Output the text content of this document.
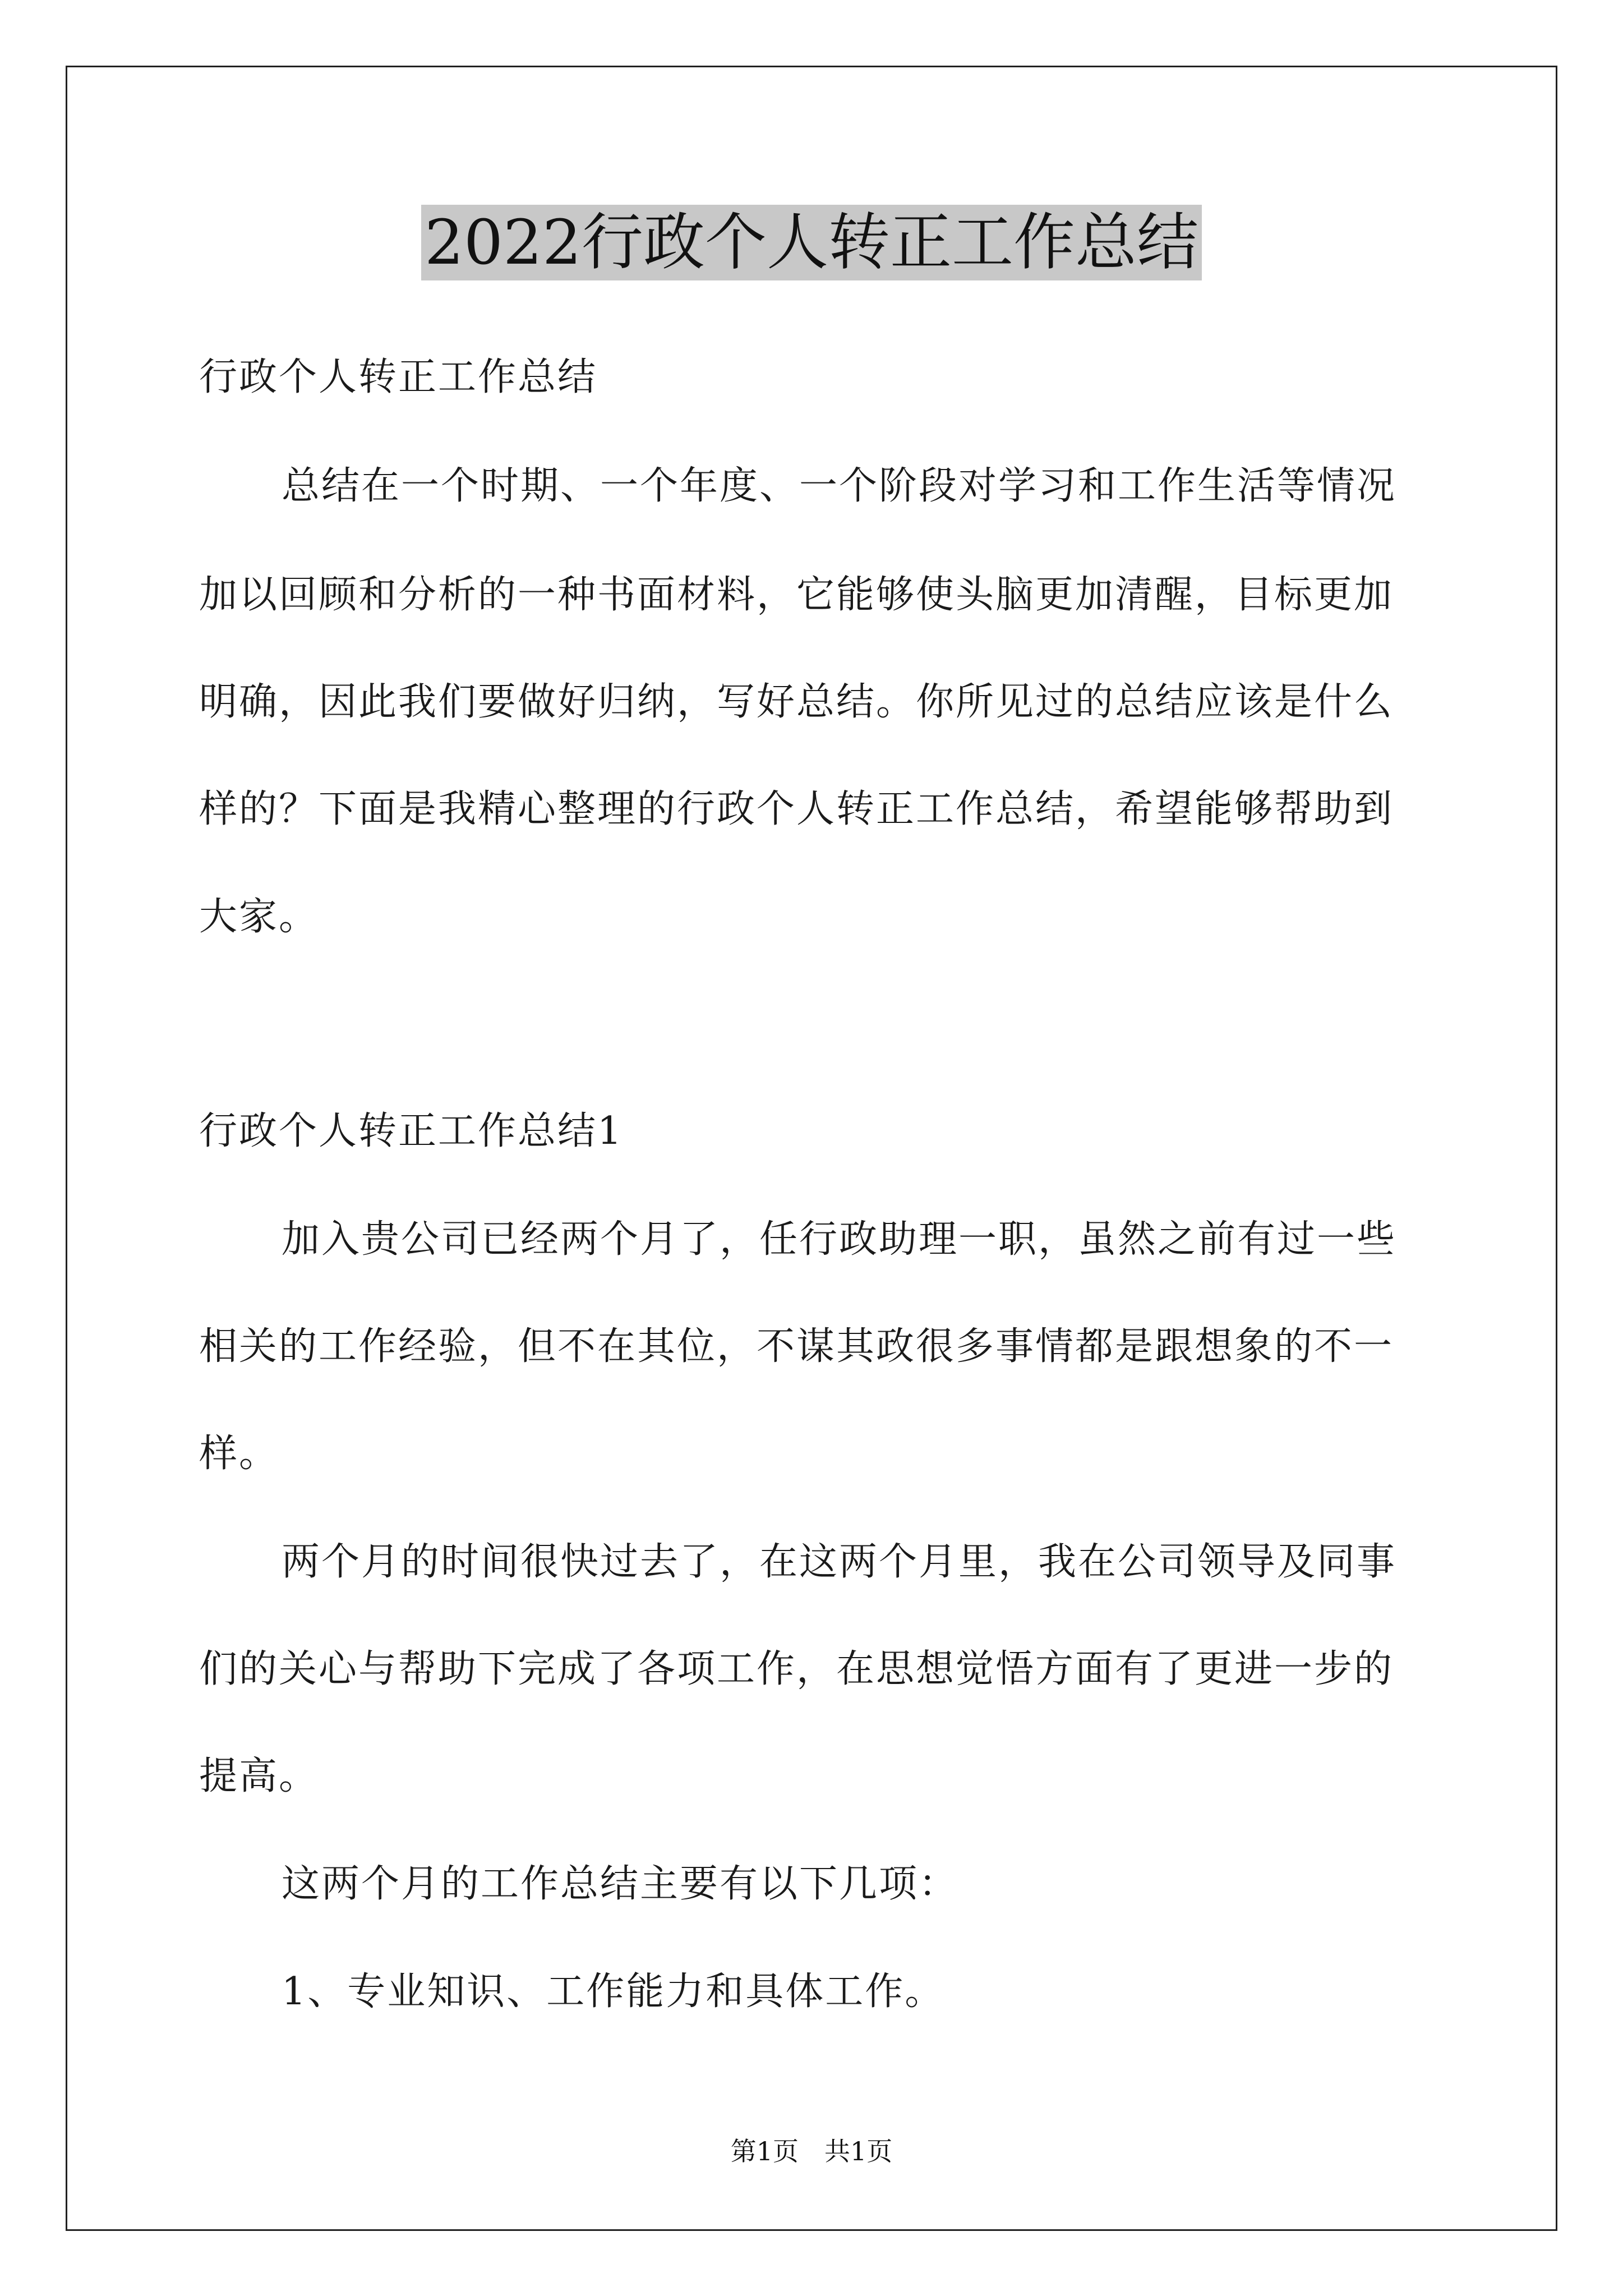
2022行政个人转正工作总结
行政个人转正工作总结
总结在一个时期、一个年度、一个阶段对学习和工作生活等情况
加以回顾和分析的一种书面材料，它能够使头脑更加清醒，目标更加
明确，因此我们要做好归纳，写好总结。你所见过的总结应该是什么
样的？下面是我精心整理的行政个人转正工作总结，希望能够帮助到
大家。
行政个人转正工作总结1
加入贵公司已经两个月了，任行政助理一职，虽然之前有过一些
相关的工作经验，但不在其位，不谋其政很多事情都是跟想象的不一
样。
两个月的时间很快过去了，在这两个月里，我在公司领导及同事
们的关心与帮助下完成了各项工作，在思想觉悟方面有了更进一步的
提高。
这两个月的工作总结主要有以下几项：
1、专业知识、工作能力和具体工作。
第1页　共1页
